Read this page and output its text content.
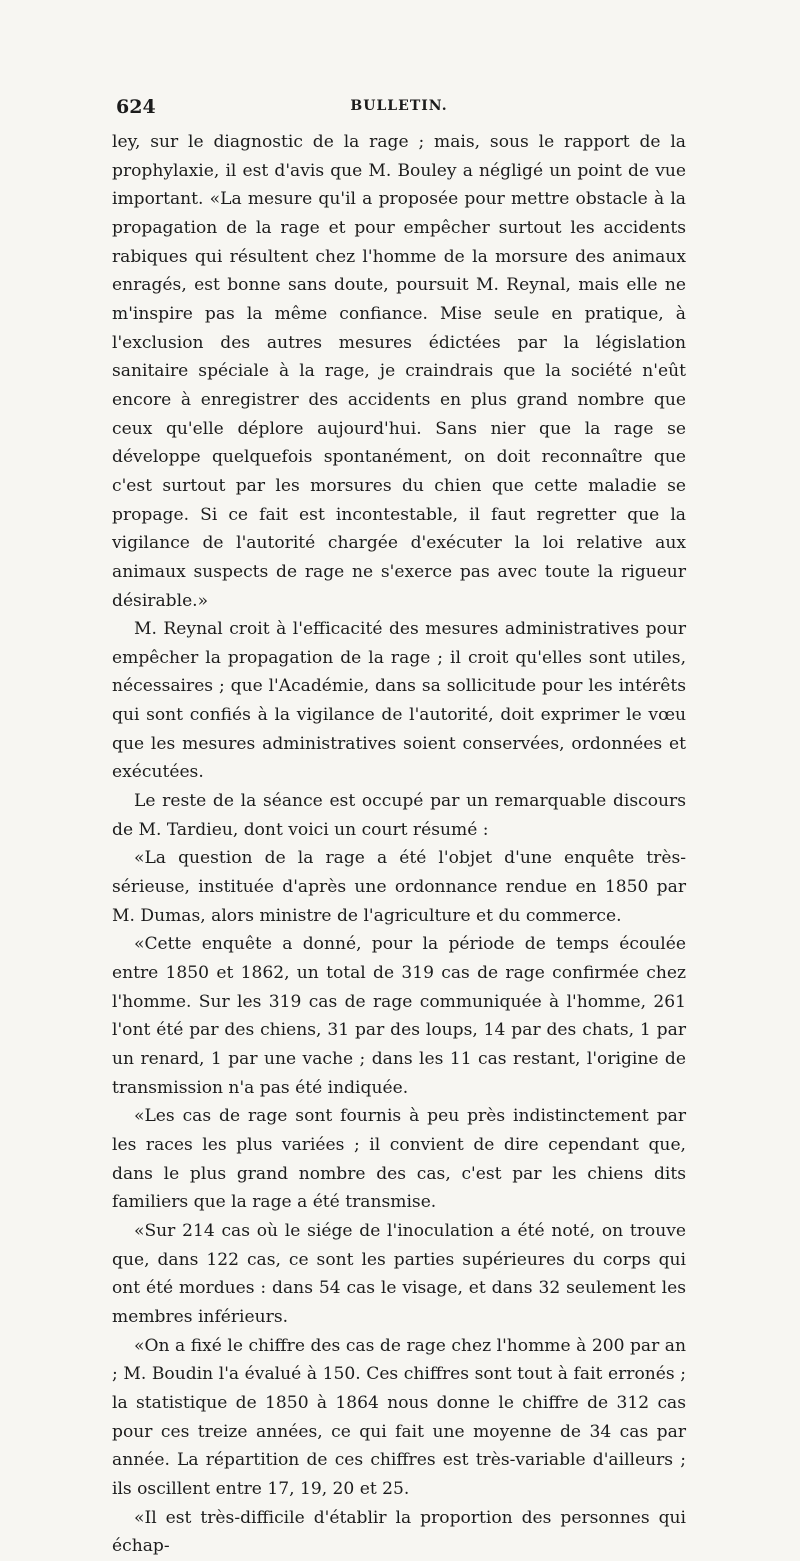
624	BULLETIN.

ley, sur le diagnostic de la rage ; mais, sous le rapport de la prophylaxie, il est d'avis que M. Bouley a négligé un point de vue important. «La mesure qu'il a proposée pour mettre obstacle à la propagation de la rage et pour empêcher surtout les accidents rabiques qui résultent chez l'homme de la morsure des animaux enragés, est bonne sans doute, poursuit M. Reynal, mais elle ne m'inspire pas la même confiance. Mise seule en pratique, à l'exclusion des autres mesures édictées par la législation sanitaire spéciale à la rage, je craindrais que la société n'eût encore à enregistrer des accidents en plus grand nombre que ceux qu'elle déplore aujourd'hui. Sans nier que la rage se développe quelquefois spontanément, on doit reconnaître que c'est surtout par les morsures du chien que cette maladie se propage. Si ce fait est incontestable, il faut regretter que la vigilance de l'autorité chargée d'exécuter la loi relative aux animaux suspects de rage ne s'exerce pas avec toute la rigueur désirable.»

M. Reynal croit à l'efficacité des mesures administratives pour empêcher la propagation de la rage ; il croit qu'elles sont utiles, nécessaires ; que l'Académie, dans sa sollicitude pour les intérêts qui sont confiés à la vigilance de l'autorité, doit exprimer le vœu que les mesures administratives soient conservées, ordonnées et exécutées.

Le reste de la séance est occupé par un remarquable discours de M. Tardieu, dont voici un court résumé :

«La question de la rage a été l'objet d'une enquête très-sérieuse, instituée d'après une ordonnance rendue en 1850 par M. Dumas, alors ministre de l'agriculture et du commerce.

«Cette enquête a donné, pour la période de temps écoulée entre 1850 et 1862, un total de 319 cas de rage confirmée chez l'homme. Sur les 319 cas de rage communiquée à l'homme, 261 l'ont été par des chiens, 31 par des loups, 14 par des chats, 1 par un renard, 1 par une vache ; dans les 11 cas restant, l'origine de transmission n'a pas été indiquée.

«Les cas de rage sont fournis à peu près indistinctement par les races les plus variées ; il convient de dire cependant que, dans le plus grand nombre des cas, c'est par les chiens dits familiers que la rage a été transmise.

«Sur 214 cas où le siége de l'inoculation a été noté, on trouve que, dans 122 cas, ce sont les parties supérieures du corps qui ont été mordues : dans 54 cas le visage, et dans 32 seulement les membres inférieurs.

«On a fixé le chiffre des cas de rage chez l'homme à 200 par an ; M. Boudin l'a évalué à 150. Ces chiffres sont tout à fait erronés ; la statistique de 1850 à 1864 nous donne le chiffre de 312 cas pour ces treize années, ce qui fait une moyenne de 34 cas par année. La répartition de ces chiffres est très-variable d'ailleurs ; ils oscillent entre 17, 19, 20 et 25.

«Il est très-difficile d'établir la proportion des personnes qui échap-
